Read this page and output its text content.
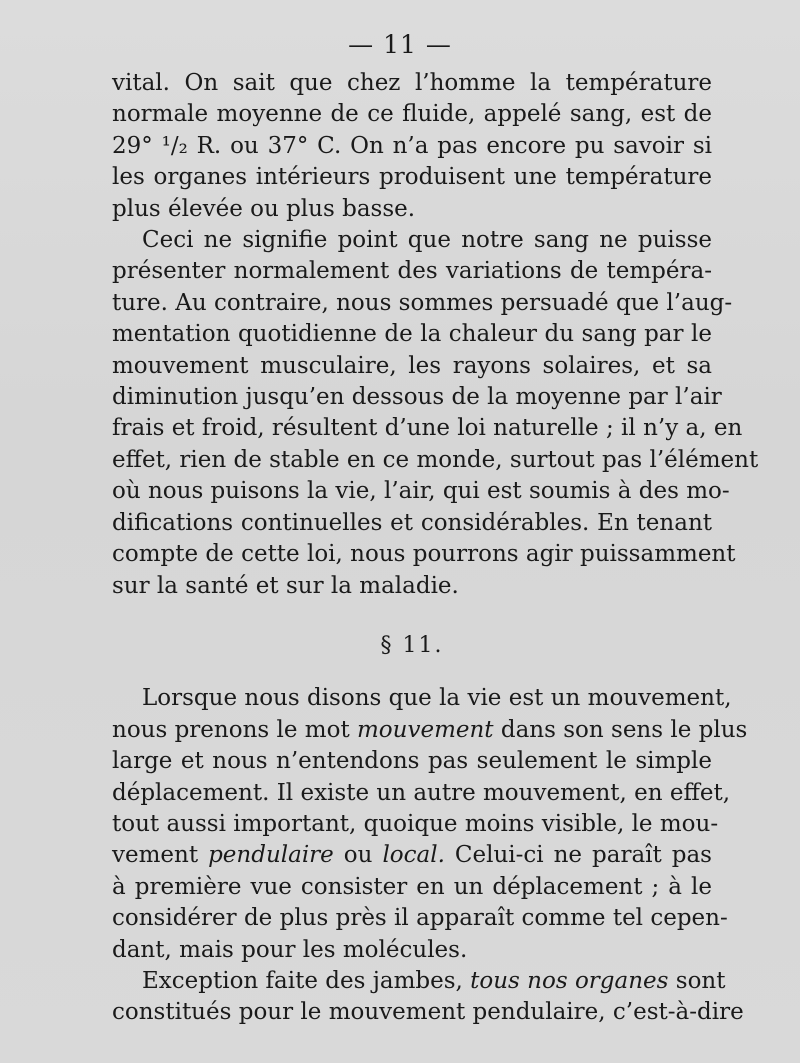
— 11 —
vital. On sait que chez l’homme la température
normale moyenne de ce fluide, appelé sang, est de
29° ¹/₂ R. ou 37° C. On n’a pas encore pu savoir si
les organes intérieurs produisent une température
plus élevée ou plus basse.
Ceci ne signifie point que notre sang ne puisse
présenter normalement des variations de tempéra-
ture. Au contraire, nous sommes persuadé que l’aug-
mentation quotidienne de la chaleur du sang par le
mouvement musculaire, les rayons solaires, et sa
diminution jusqu’en dessous de la moyenne par l’air
frais et froid, résultent d’une loi naturelle ; il n’y a, en
effet, rien de stable en ce monde, surtout pas l’élément
où nous puisons la vie, l’air, qui est soumis à des mo-
difications continuelles et considérables. En tenant
compte de cette loi, nous pourrons agir puissamment
sur la santé et sur la maladie.
§ 11.
Lorsque nous disons que la vie est un mouvement,
nous prenons le mot mouvement dans son sens le plus
large et nous n’entendons pas seulement le simple
déplacement. Il existe un autre mouvement, en effet,
tout aussi important, quoique moins visible, le mou-
vement pendulaire ou local. Celui-ci ne paraît pas
à première vue consister en un déplacement ; à le
considérer de plus près il apparaît comme tel cepen-
dant, mais pour les molécules.
Exception faite des jambes, tous nos organes sont
constitués pour le mouvement pendulaire, c’est-à-dire
